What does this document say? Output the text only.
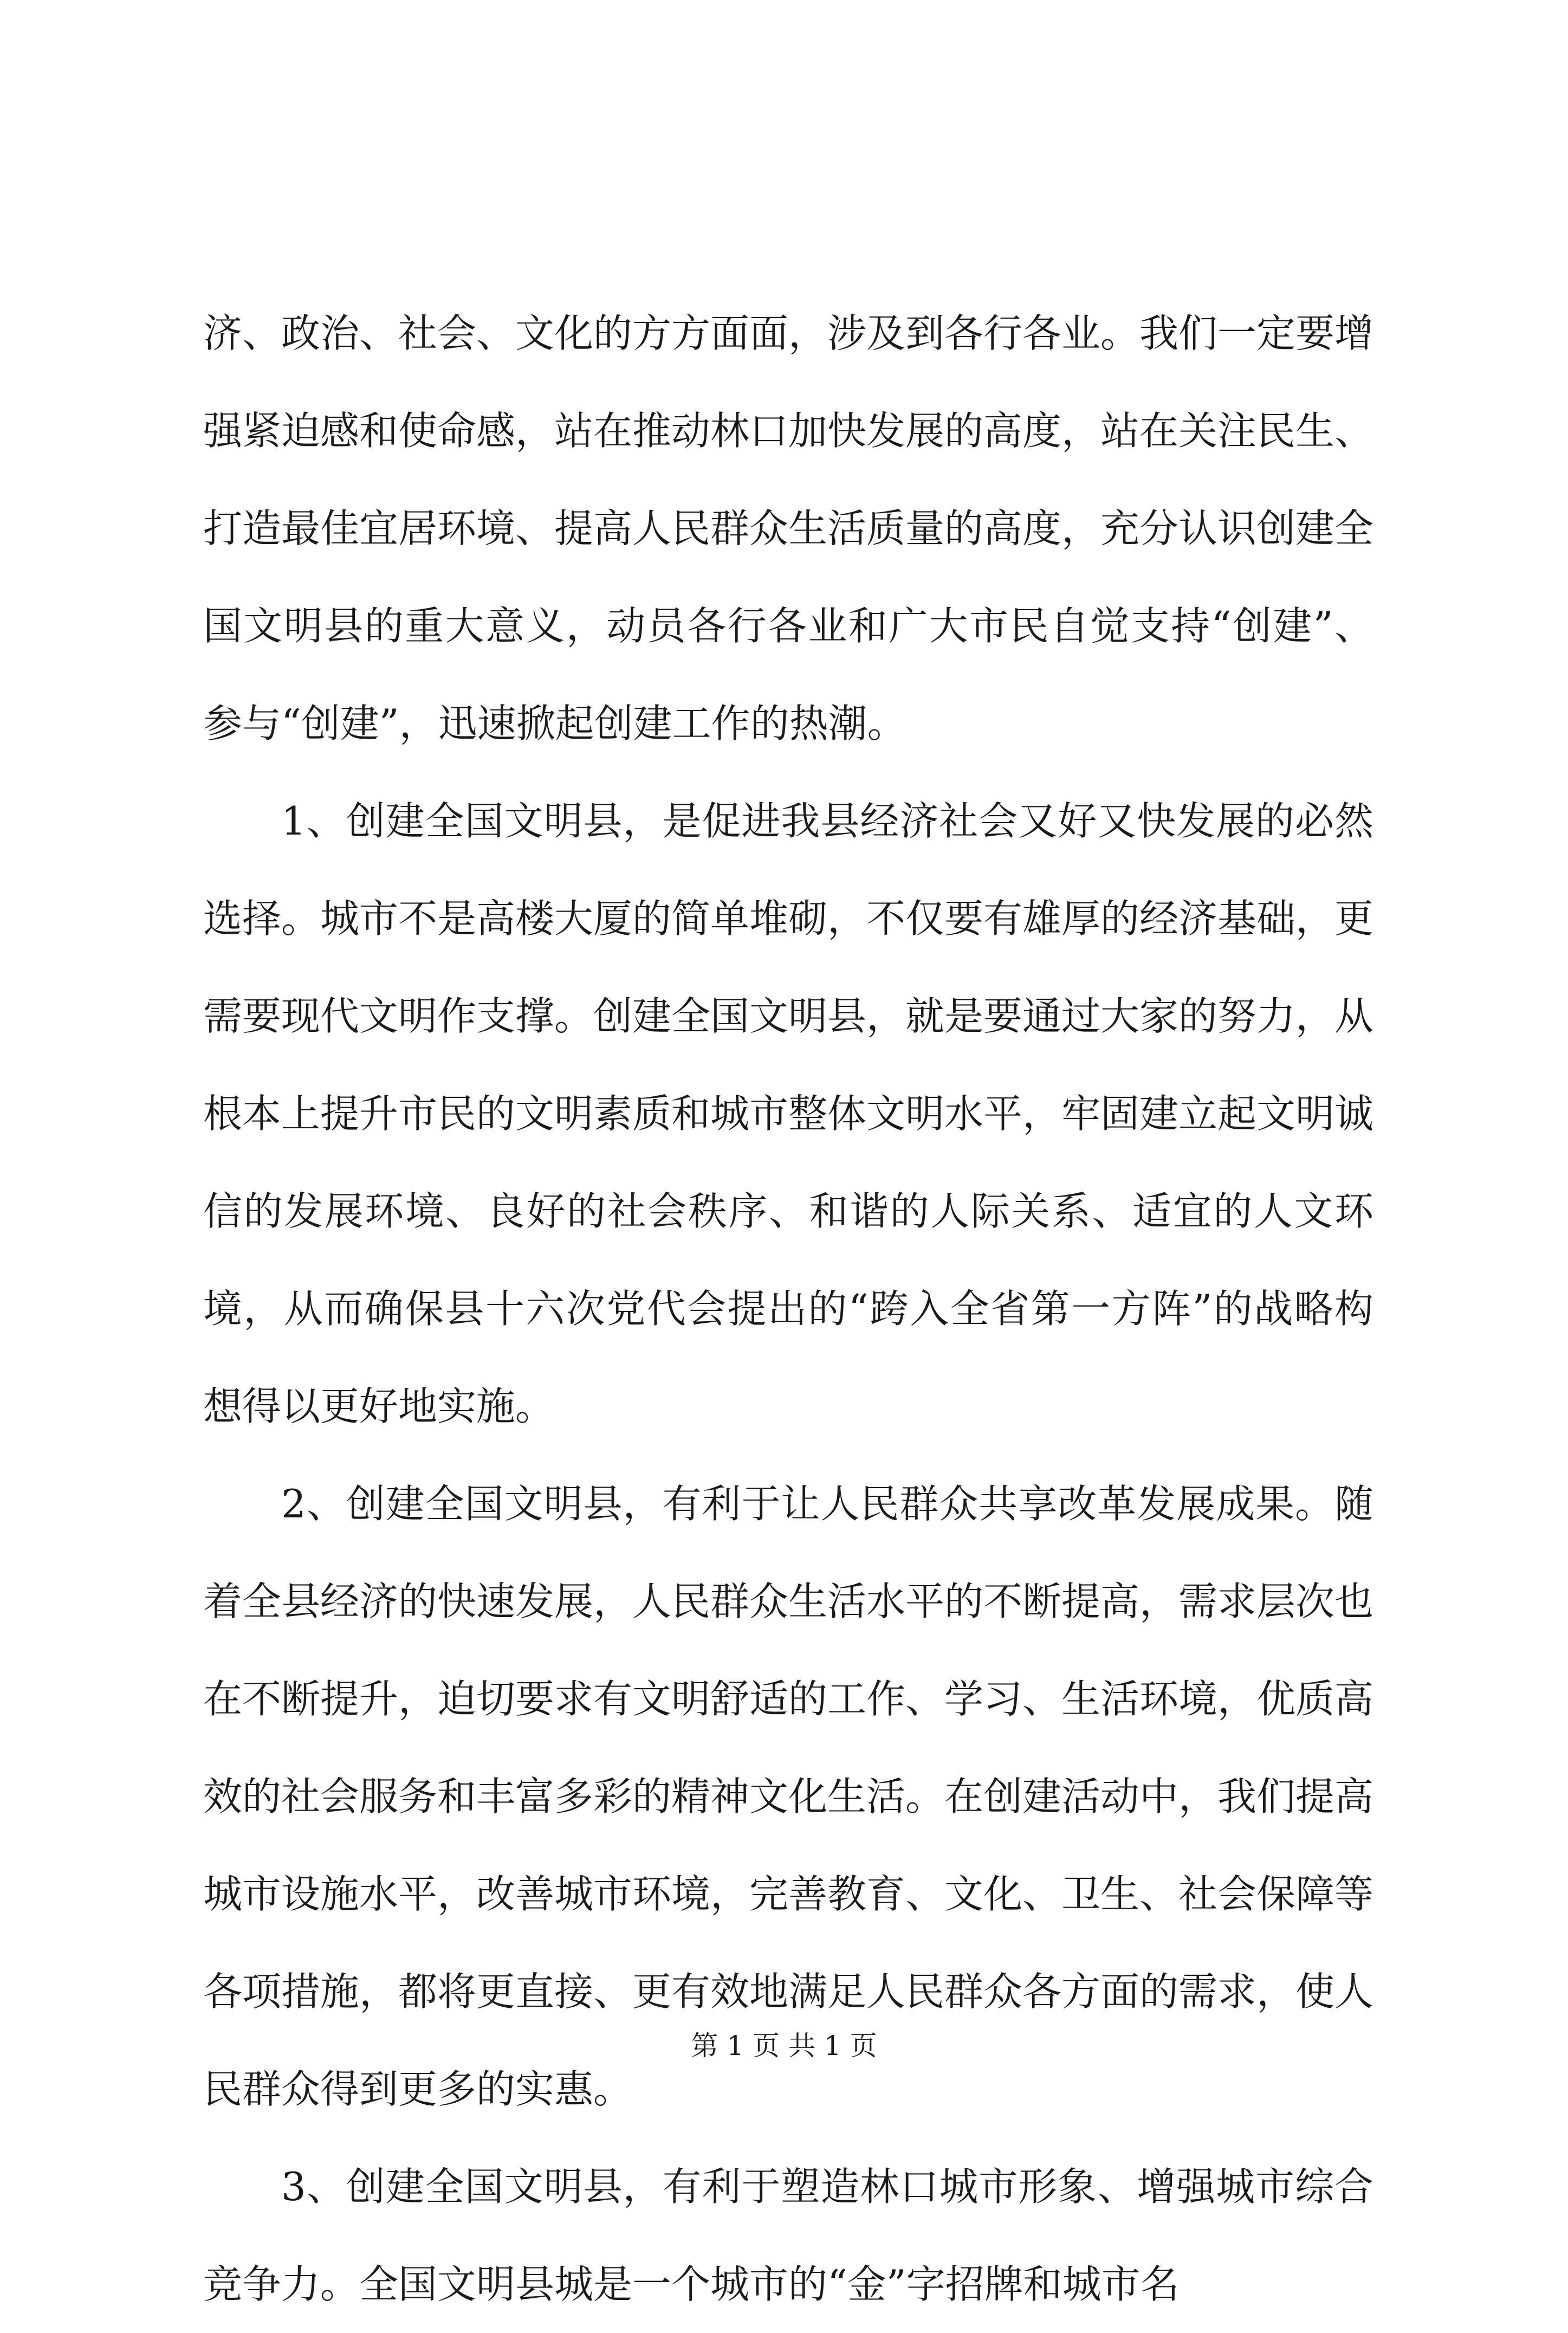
济、政治、社会、文化的方方面面，涉及到各行各业。我们一定要增强紧迫感和使命感，站在推动林口加快发展的高度，站在关注民生、打造最佳宜居环境、提高人民群众生活质量的高度，充分认识创建全国文明县的重大意义，动员各行各业和广大市民自觉支持“创建”、参与“创建”，迅速掀起创建工作的热潮。

1、创建全国文明县，是促进我县经济社会又好又快发展的必然选择。城市不是高楼大厦的简单堆砌，不仅要有雄厚的经济基础，更需要现代文明作支撑。创建全国文明县，就是要通过大家的努力，从根本上提升市民的文明素质和城市整体文明水平，牢固建立起文明诚信的发展环境、良好的社会秩序、和谐的人际关系、适宜的人文环境，从而确保县十六次党代会提出的“跨入全省第一方阵”的战略构想得以更好地实施。

2、创建全国文明县，有利于让人民群众共享改革发展成果。随着全县经济的快速发展，人民群众生活水平的不断提高，需求层次也在不断提升，迫切要求有文明舒适的工作、学习、生活环境，优质高效的社会服务和丰富多彩的精神文化生活。在创建活动中，我们提高城市设施水平，改善城市环境，完善教育、文化、卫生、社会保障等各项措施，都将更直接、更有效地满足人民群众各方面的需求，使人民群众得到更多的实惠。

3、创建全国文明县，有利于塑造林口城市形象、增强城市综合竞争力。全国文明县城是一个城市的“金”字招牌和城市名

第 1 页 共 1 页
